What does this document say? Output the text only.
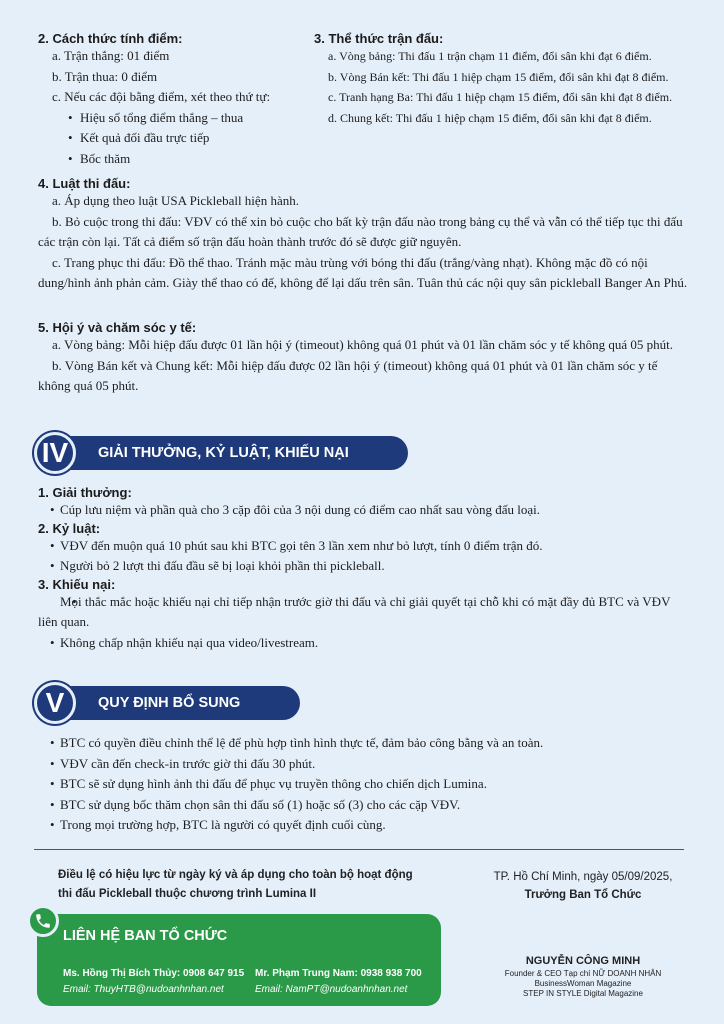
2. Cách thức tính điểm:
a. Trận thắng: 01 điểm
b. Trận thua: 0 điểm
c. Nếu các đội bằng điểm, xét theo thứ tự:
• Hiệu số tổng điểm thắng – thua
• Kết quả đối đầu trực tiếp
• Bốc thăm
3. Thể thức trận đấu:
a. Vòng bảng: Thi đấu 1 trận chạm 11 điểm, đổi sân khi đạt 6 điểm.
b. Vòng Bán kết: Thi đấu 1 hiệp chạm 15 điểm, đổi sân khi đạt 8 điểm.
c. Tranh hạng Ba: Thi đấu 1 hiệp chạm 15 điểm, đổi sân khi đạt 8 điểm.
d. Chung kết: Thi đấu 1 hiệp chạm 15 điểm, đổi sân khi đạt 8 điểm.
4. Luật thi đấu:
a. Áp dụng theo luật USA Pickleball hiện hành.
b. Bỏ cuộc trong thi đấu: VĐV có thể xin bỏ cuộc cho bất kỳ trận đấu nào trong bảng cụ thể và vẫn có thể tiếp tục thi đấu các trận còn lại. Tất cả điểm số trận đấu hoàn thành trước đó sẽ được giữ nguyên.
c. Trang phục thi đấu: Đồ thể thao. Tránh mặc màu trùng với bóng thi đấu (trắng/vàng nhạt). Không mặc đồ có nội dung/hình ảnh phản cảm. Giày thể thao có đế, không để lại dấu trên sân. Tuân thủ các nội quy sân pickleball Banger An Phú.
5. Hội ý và chăm sóc y tế:
a. Vòng bảng: Mỗi hiệp đấu được 01 lần hội ý (timeout) không quá 01 phút và 01 lần chăm sóc y tế không quá 05 phút.
b. Vòng Bán kết và Chung kết: Mỗi hiệp đấu được 02 lần hội ý (timeout) không quá 01 phút và 01 lần chăm sóc y tế không quá 05 phút.
IV	GIẢI THƯỞNG, KỶ LUẬT, KHIẾU NẠI
1. Giải thưởng:
• Cúp lưu niệm và phần quà cho 3 cặp đôi của 3 nội dung có điểm cao nhất sau vòng đấu loại.
2. Kỷ luật:
• VĐV đến muộn quá 10 phút sau khi BTC gọi tên 3 lần xem như bỏ lượt, tính 0 điểm trận đó.
• Người bỏ 2 lượt thi đấu đầu sẽ bị loại khỏi phần thi pickleball.
3. Khiếu nại:
• Mọi thắc mắc hoặc khiếu nại chỉ tiếp nhận trước giờ thi đấu và chỉ giải quyết tại chỗ khi có mặt đầy đủ BTC và VĐV liên quan.
• Không chấp nhận khiếu nại qua video/livestream.
V	QUY ĐỊNH BỔ SUNG
• BTC có quyền điều chỉnh thể lệ để phù hợp tình hình thực tế, đảm bảo công bằng và an toàn.
• VĐV cần đến check-in trước giờ thi đấu 30 phút.
• BTC sẽ sử dụng hình ảnh thi đấu để phục vụ truyền thông cho chiến dịch Lumina.
• BTC sử dụng bốc thăm chọn sân thi đấu số (1) hoặc số (3) cho các cặp VĐV.
• Trong mọi trường hợp, BTC là người có quyết định cuối cùng.
Điều lệ có hiệu lực từ ngày ký và áp dụng cho toàn bộ hoạt động
thi đấu Pickleball thuộc chương trình Lumina II
TP. Hồ Chí Minh, ngày 05/09/2025,
Trưởng Ban Tổ Chức
LIÊN HỆ BAN TỔ CHỨC
Ms. Hồng Thị Bích Thủy: 0908 647 915
Email: ThuyHTB@nudoanhnhan.net
Mr. Phạm Trung Nam: 0938 938 700
Email: NamPT@nudoanhnhan.net
NGUYỄN CÔNG MINH
Founder & CEO Tạp chí NỮ DOANH NHÂN
BusinessWoman Magazine
STEP IN STYLE Digital Magazine
